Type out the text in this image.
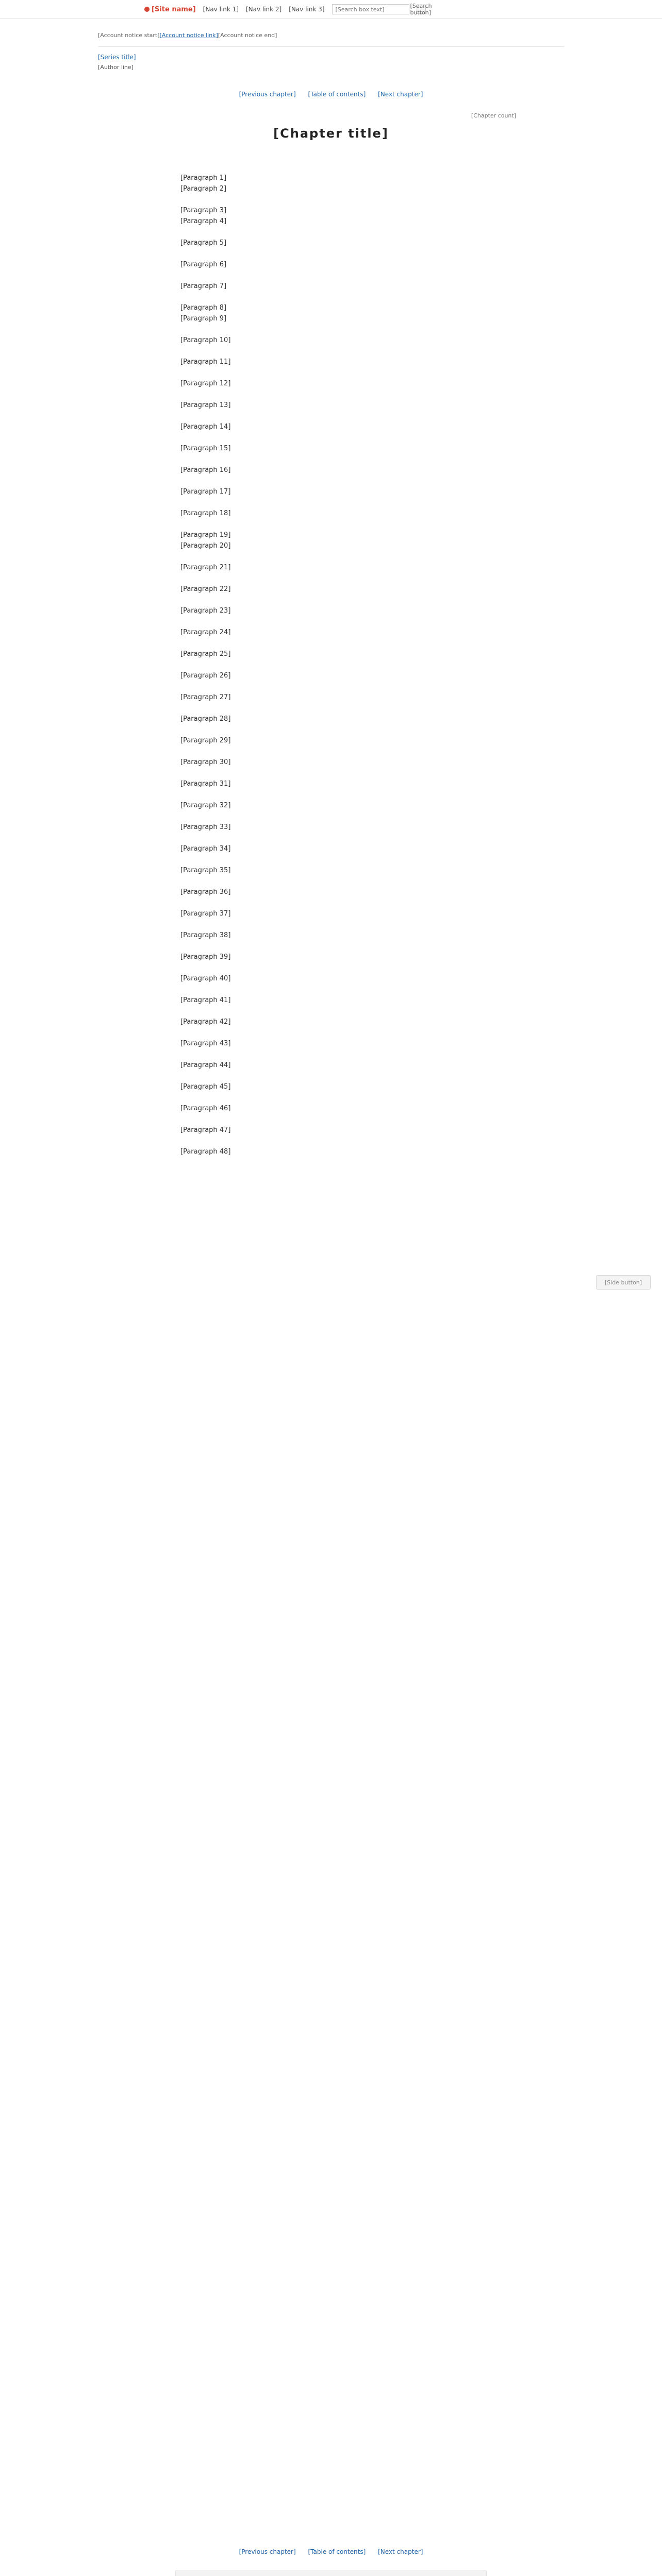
[Site name] [Nav link 1] [Nav link 2] [Nav link 3]
[Search box text]	[Search button]
[Account notice start][Account notice link][Account notice end]
[Series title]
[Author line]
[Previous chapter] [Table of contents] [Next chapter]
[Chapter count]
[Chapter title]

[Paragraph 1]

[Paragraph 2]

[Paragraph 3]

[Paragraph 4]

[Paragraph 5]

[Paragraph 6]

[Paragraph 7]

[Paragraph 8]

[Paragraph 9]

[Paragraph 10]

[Paragraph 11]

[Paragraph 12]

[Paragraph 13]

[Paragraph 14]

[Paragraph 15]

[Paragraph 16]

[Paragraph 17]

[Paragraph 18]

[Paragraph 19]

[Paragraph 20]

[Paragraph 21]

[Paragraph 22]

[Paragraph 23]

[Paragraph 24]

[Paragraph 25]

[Paragraph 26]

[Paragraph 27]

[Paragraph 28]

[Paragraph 29]

[Paragraph 30]

[Paragraph 31]

[Paragraph 32]

[Paragraph 33]

[Paragraph 34]

[Paragraph 35]

[Paragraph 36]

[Paragraph 37]

[Paragraph 38]

[Paragraph 39]

[Paragraph 40]

[Paragraph 41]

[Paragraph 42]

[Paragraph 43]

[Paragraph 44]

[Paragraph 45]

[Paragraph 46]

[Paragraph 47]

[Paragraph 48]

[Side button]
[Previous chapter] [Table of contents] [Next chapter]
